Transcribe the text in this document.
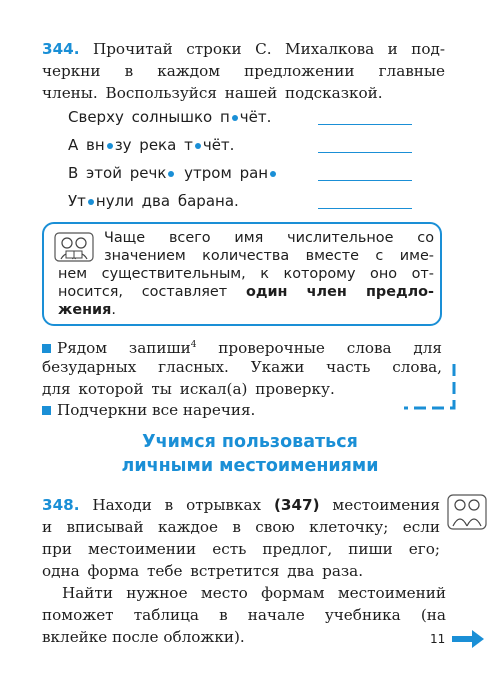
344. Прочитай строки С. Михалкова и под-
черкни в каждом предложении главные
члены. Воспользуйся нашей подсказкой.
Сверху солнышко п чёт.
А вн зу река т чёт.
В этой речк утром ран
Ут нули два барана.
Чаще всего имя числительное со
значением количества вместе с име-
нем существительным, к которому оно от-
носится, составляет один член предло-
жения.
Рядом запиши$^4$ проверочные слова для
безударных гласных. Укажи часть слова,
для которой ты искал(а) проверку.
Подчеркни все наречия.
Учимся пользоваться
личными местоимениями
348. Находи в отрывках (347) местоимения
и вписывай каждое в свою клеточку; если
при местоимении есть предлог, пиши его;
одна форма тебе встретится два раза.
Найти нужное место формам местоимений
поможет таблица в начале учебника (на
вклейке после обложки).	11
